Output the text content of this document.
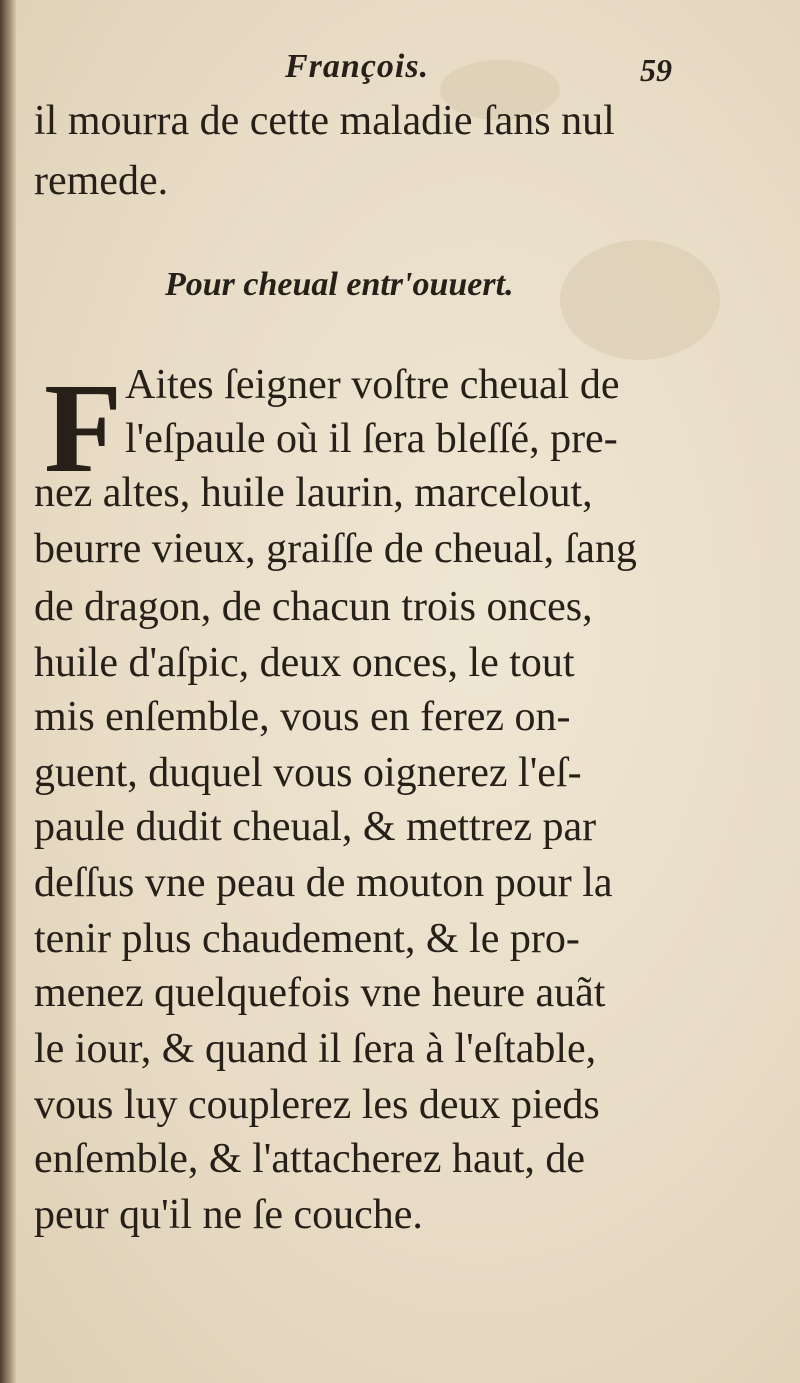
François.	59
il mourra de cette maladie ſans nul
remede.
Pour cheual entr'ouuert.
F Aites ſeigner voſtre cheual de
l'eſpaule où il ſera bleſſé, pre-
nez altes, huile laurin, marcelout,
beurre vieux, graiſſe de cheual, ſang
de dragon, de chacun trois onces,
huile d'aſpic, deux onces, le tout
mis enſemble, vous en ferez on-
guent, duquel vous oignerez l'eſ-
paule dudit cheual, & mettrez par
deſſus vne peau de mouton pour la
tenir plus chaudement, & le pro-
menez quelquefois vne heure auãt
le iour, & quand il ſera à l'eſtable,
vous luy couplerez les deux pieds
enſemble, & l'attacherez haut, de
peur qu'il ne ſe couche.
